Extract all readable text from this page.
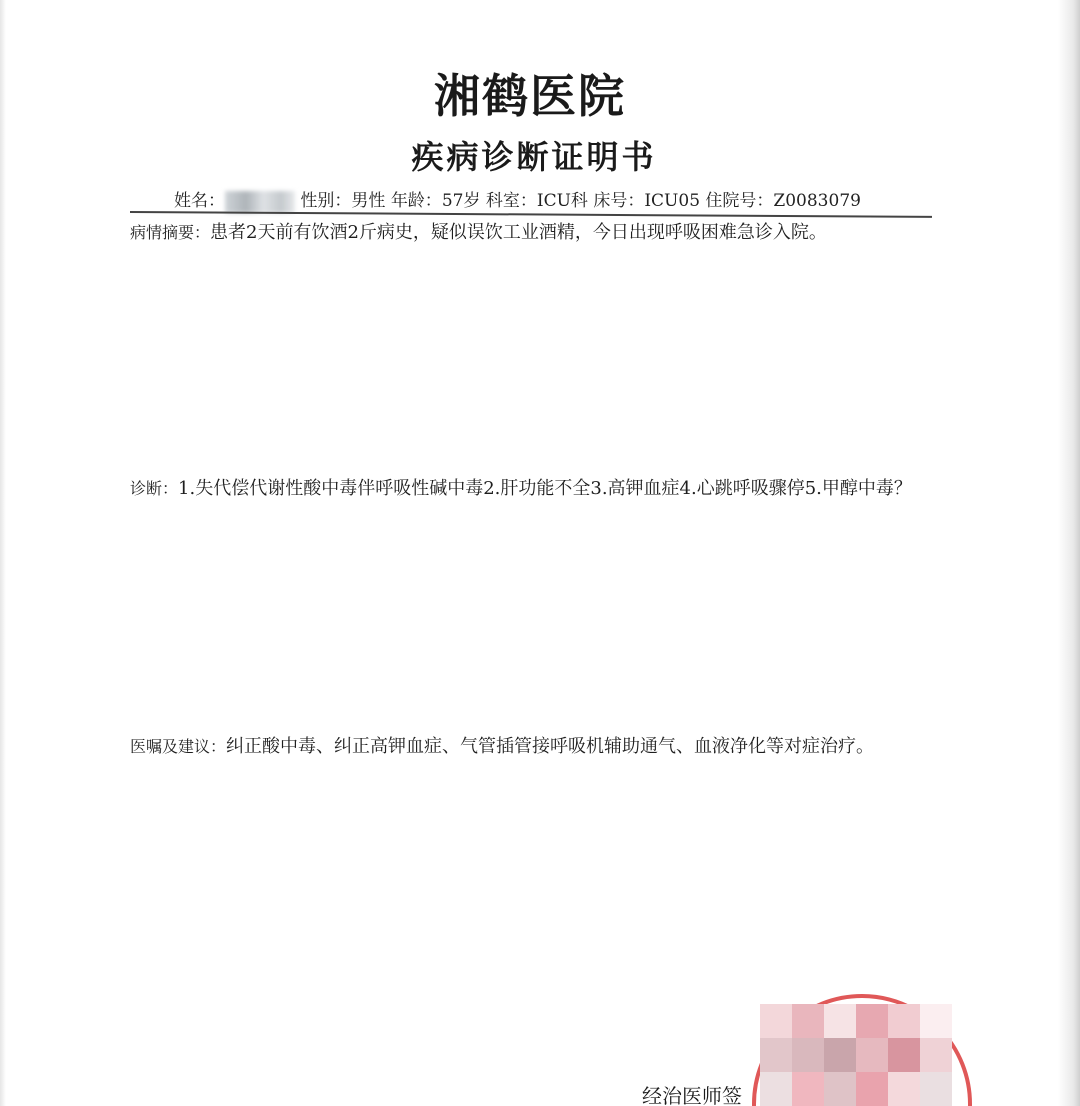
湘鹤医院
疾病诊断证明书
姓名：	性别：男性 年龄：57岁 科室：ICU科 床号：ICU05 住院号：Z0083079
病情摘要：患者2天前有饮酒2斤病史，疑似误饮工业酒精，今日出现呼吸困难急诊入院。
诊断：1.失代偿代谢性酸中毒伴呼吸性碱中毒2.肝功能不全3.高钾血症4.心跳呼吸骤停5.甲醇中毒？
医嘱及建议：纠正酸中毒、纠正高钾血症、气管插管接呼吸机辅助通气、血液净化等对症治疗。
经治医师签
